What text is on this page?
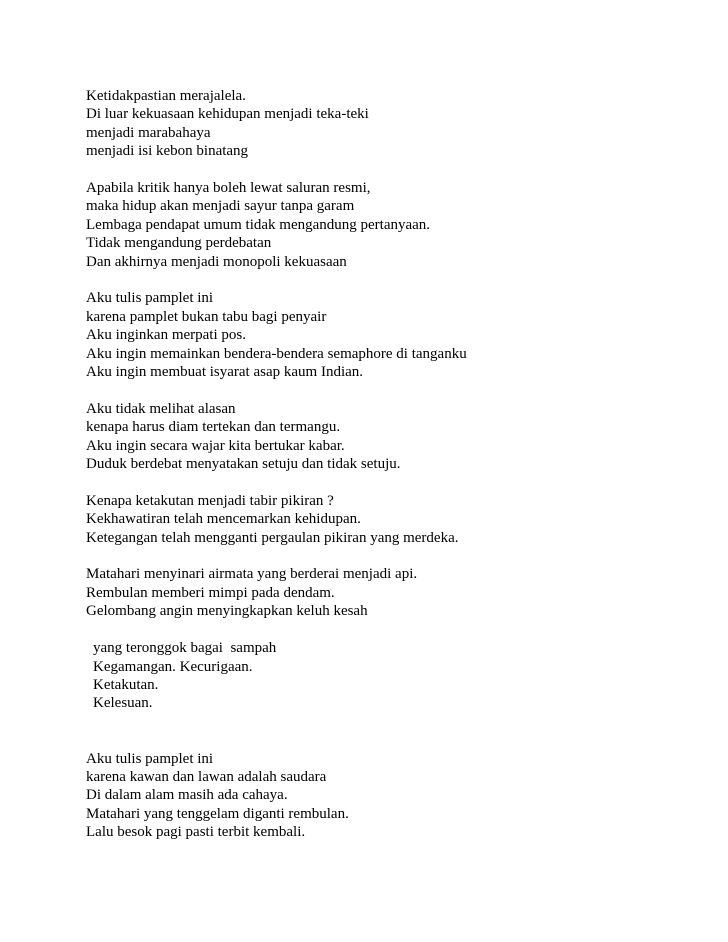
Ketidakpastian merajalela.
Di luar kekuasaan kehidupan menjadi teka-teki
menjadi marabahaya
menjadi isi kebon binatang
Apabila kritik hanya boleh lewat saluran resmi,
maka hidup akan menjadi sayur tanpa garam
Lembaga pendapat umum tidak mengandung pertanyaan.
Tidak mengandung perdebatan
Dan akhirnya menjadi monopoli kekuasaan
Aku tulis pamplet ini
karena pamplet bukan tabu bagi penyair
Aku inginkan merpati pos.
Aku ingin memainkan bendera-bendera semaphore di tanganku
Aku ingin membuat isyarat asap kaum Indian.
Aku tidak melihat alasan
kenapa harus diam tertekan dan termangu.
Aku ingin secara wajar kita bertukar kabar.
Duduk berdebat menyatakan setuju dan tidak setuju.
Kenapa ketakutan menjadi tabir pikiran ?
Kekhawatiran telah mencemarkan kehidupan.
Ketegangan telah mengganti pergaulan pikiran yang merdeka.
Matahari menyinari airmata yang berderai menjadi api.
Rembulan memberi mimpi pada dendam.
Gelombang angin menyingkapkan keluh kesah
yang teronggok bagai  sampah
Kegamangan. Kecurigaan.
Ketakutan.
Kelesuan.
Aku tulis pamplet ini
karena kawan dan lawan adalah saudara
Di dalam alam masih ada cahaya.
Matahari yang tenggelam diganti rembulan.
Lalu besok pagi pasti terbit kembali.
